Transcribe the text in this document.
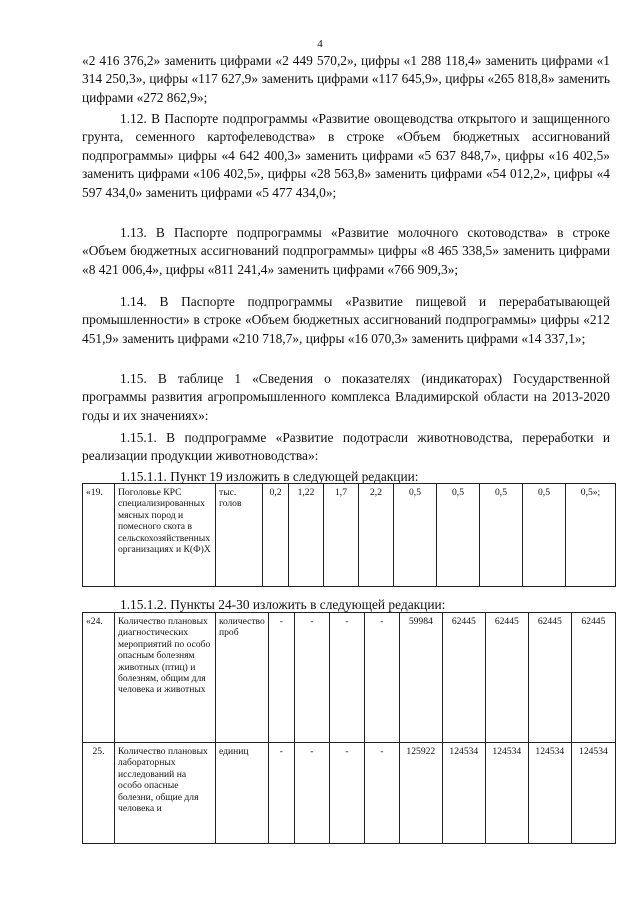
4

«2 416 376,2» заменить цифрами «2 449 570,2», цифры «1 288 118,4» заменить цифрами «1 314 250,3», цифры «117 627,9» заменить цифрами «117 645,9», цифры «265 818,8» заменить цифрами «272 862,9»;

1.12. В Паспорте подпрограммы «Развитие овощеводства открытого и защищенного грунта, семенного картофелеводства» в строке «Объем бюджетных ассигнований подпрограммы» цифры «4 642 400,3» заменить цифрами «5 637 848,7», цифры «16 402,5» заменить цифрами «106 402,5», цифры «28 563,8» заменить цифрами «54 012,2», цифры «4 597 434,0» заменить цифрами «5 477 434,0»;

1.13. В Паспорте подпрограммы «Развитие молочного скотоводства» в строке «Объем бюджетных ассигнований подпрограммы» цифры «8 465 338,5» заменить цифрами «8 421 006,4», цифры «811 241,4» заменить цифрами «766 909,3»;

1.14. В Паспорте подпрограммы «Развитие пищевой и перерабатывающей промышленности» в строке «Объем бюджетных ассигнований подпрограммы» цифры «212 451,9» заменить цифрами «210 718,7», цифры «16 070,3» заменить цифрами «14 337,1»;

1.15. В таблице 1 «Сведения о показателях (индикаторах) Государственной программы развития агропромышленного комплекса Владимирской области на 2013-2020 годы и их значениях»:

1.15.1. В подпрограмме «Развитие подотрасли животноводства, переработки и реализации продукции животноводства»:

1.15.1.1. Пункт 19 изложить в следующей редакции:

«19.	Поголовье КРС специализированных мясных пород и помесного скота в сельскохозяйственных организациях и К(Ф)Х	тыс. голов	0,2	1,22	1,7	2,2	0,5	0,5	0,5	0,5	0,5»;

1.15.1.2. Пункты 24-30 изложить в следующей редакции:

«24.	Количество плановых диагностических мероприятий по особо опасным болезням животных (птиц) и болезням, общим для человека и животных	количество проб	-	-	-	-	59984	62445	62445	62445	62445
25.	Количество плановых лабораторных исследований на особо опасные болезни, общие для человека и	единиц	-	-	-	-	125922	124534	124534	124534	124534
